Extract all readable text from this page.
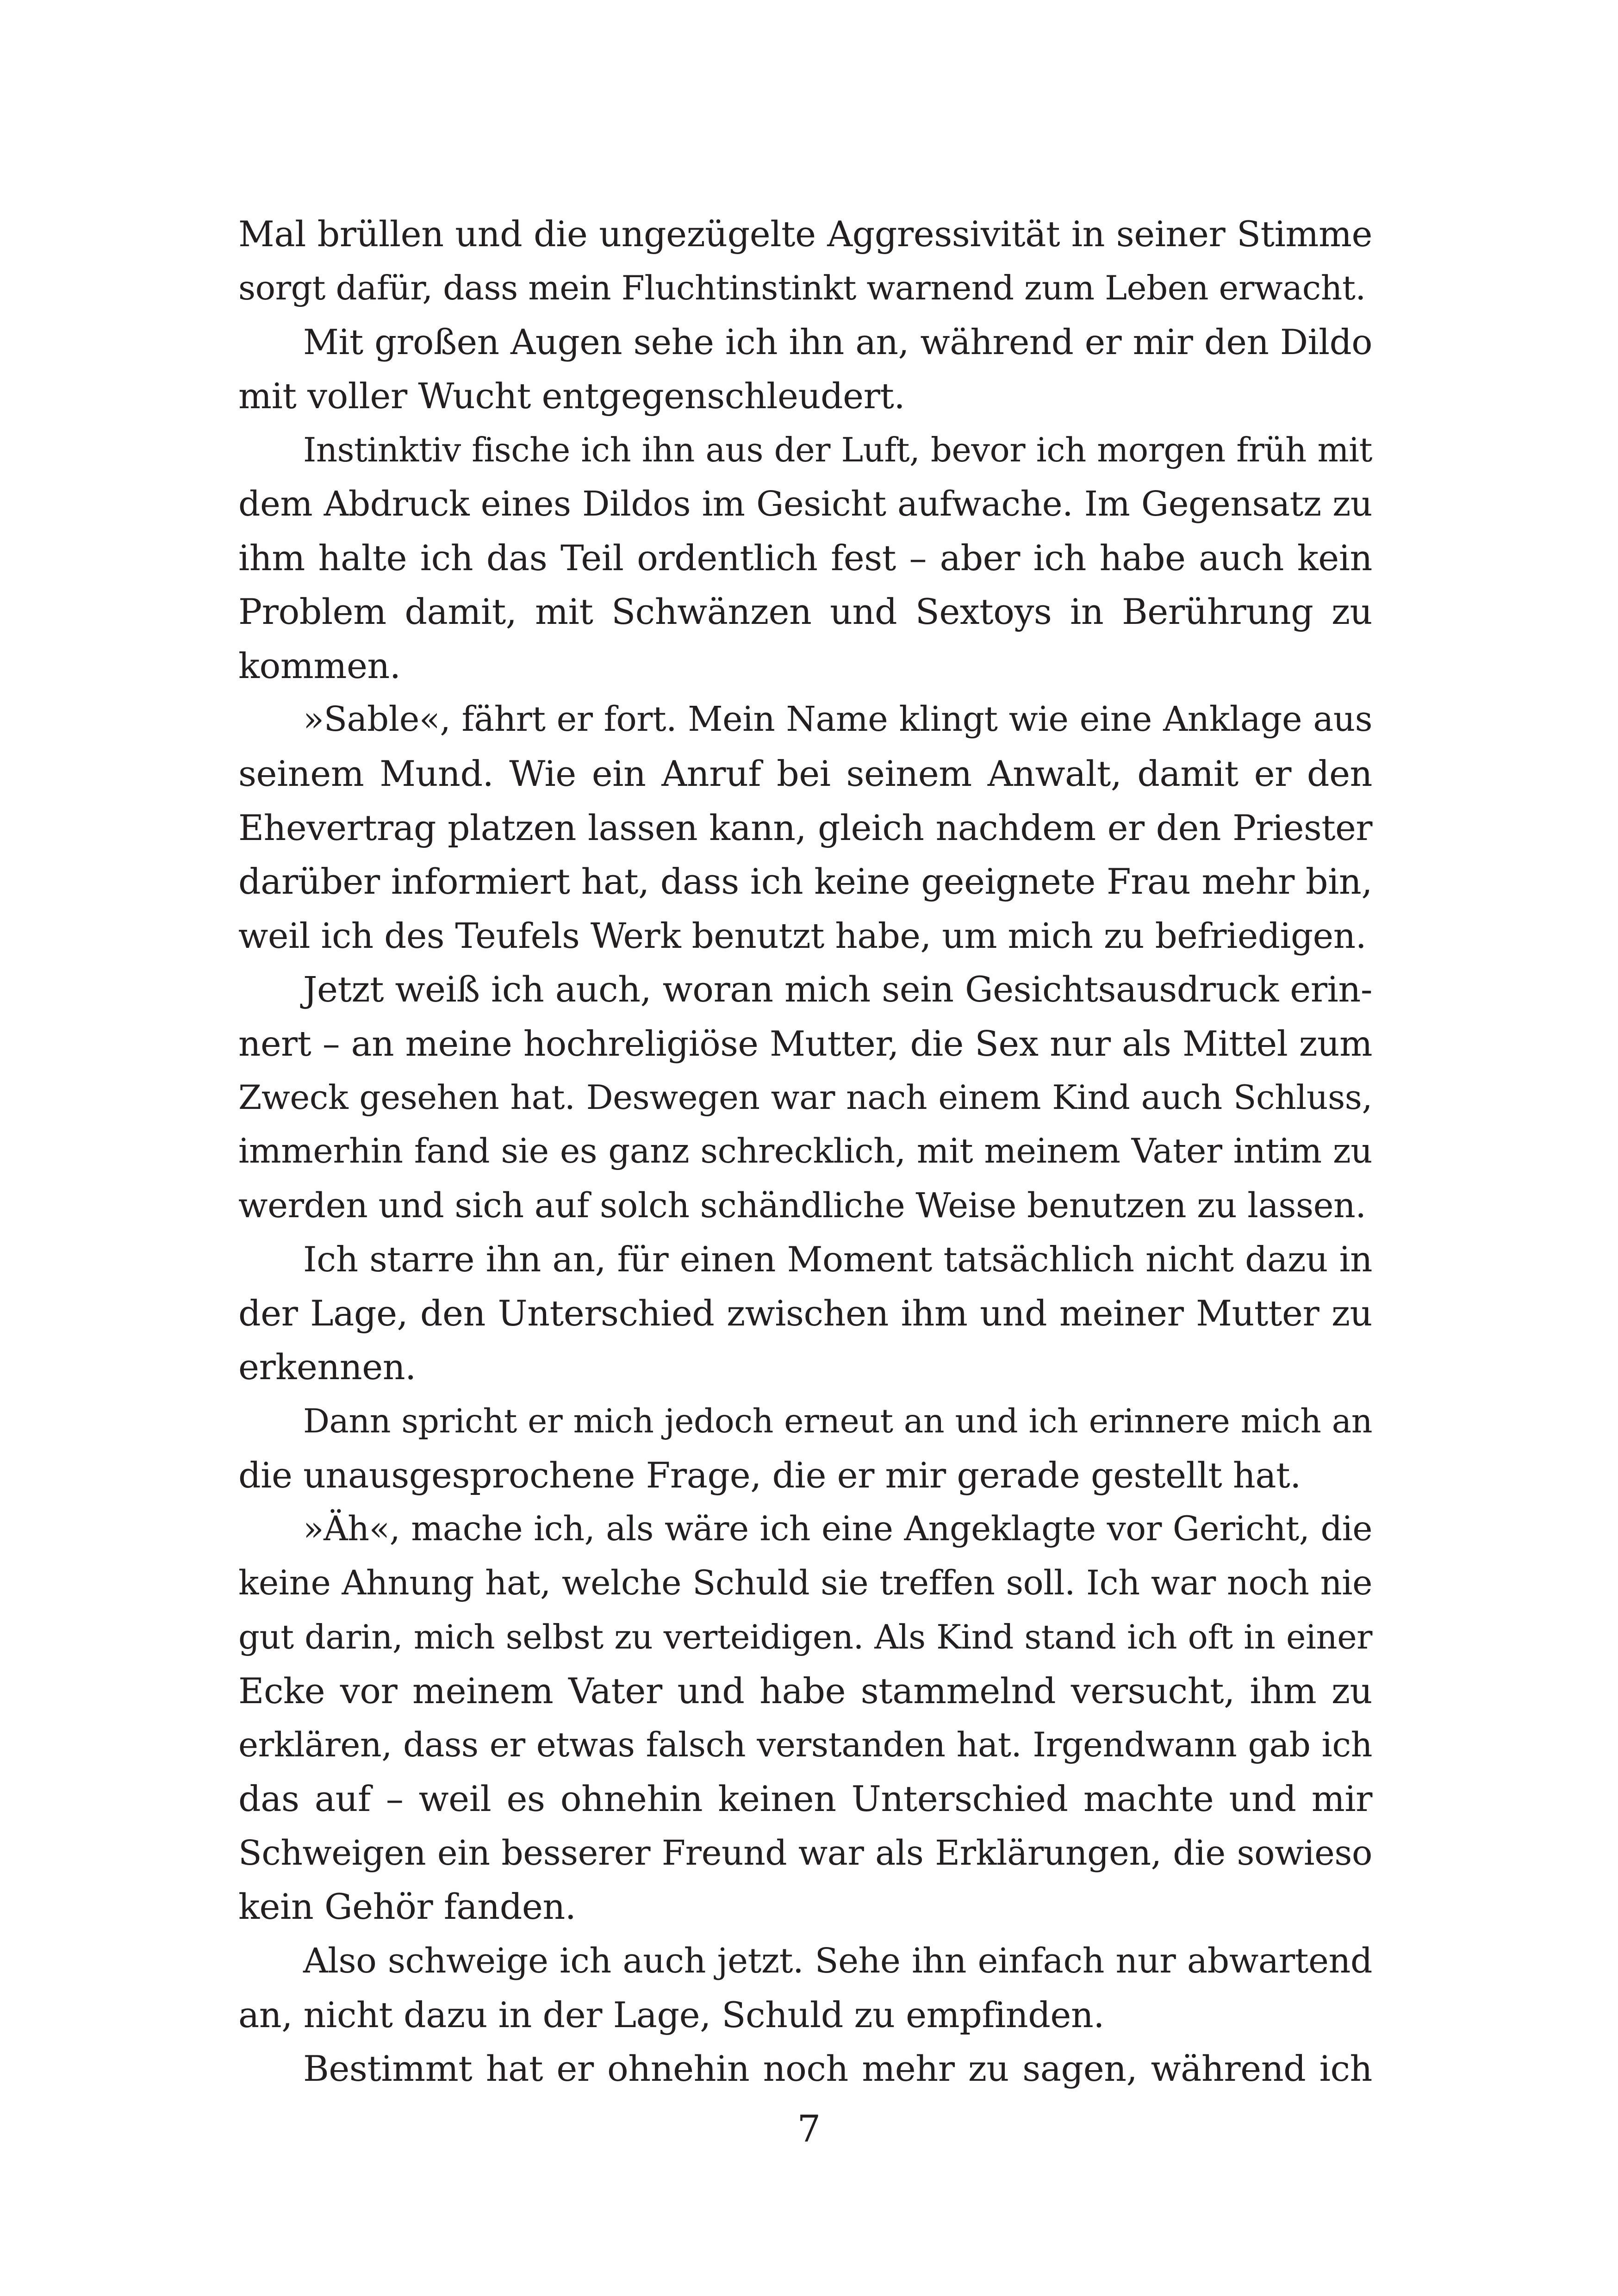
Mal brüllen und die ungezügelte Aggressivität in seiner Stimme
sorgt dafür, dass mein Fluchtinstinkt warnend zum Leben erwacht.
Mit großen Augen sehe ich ihn an, während er mir den Dildo
mit voller Wucht entgegenschleudert.
Instinktiv fische ich ihn aus der Luft, bevor ich morgen früh mit
dem Abdruck eines Dildos im Gesicht aufwache. Im Gegensatz zu
ihm halte ich das Teil ordentlich fest – aber ich habe auch kein
Problem damit, mit Schwänzen und Sextoys in Berührung zu
kommen.
»Sable«, fährt er fort. Mein Name klingt wie eine Anklage aus
seinem Mund. Wie ein Anruf bei seinem Anwalt, damit er den
Ehevertrag platzen lassen kann, gleich nachdem er den Priester
darüber informiert hat, dass ich keine geeignete Frau mehr bin,
weil ich des Teufels Werk benutzt habe, um mich zu befriedigen.
Jetzt weiß ich auch, woran mich sein Gesichtsausdruck erin-
nert – an meine hochreligiöse Mutter, die Sex nur als Mittel zum
Zweck gesehen hat. Deswegen war nach einem Kind auch Schluss,
immerhin fand sie es ganz schrecklich, mit meinem Vater intim zu
werden und sich auf solch schändliche Weise benutzen zu lassen.
Ich starre ihn an, für einen Moment tatsächlich nicht dazu in
der Lage, den Unterschied zwischen ihm und meiner Mutter zu
erkennen.
Dann spricht er mich jedoch erneut an und ich erinnere mich an
die unausgesprochene Frage, die er mir gerade gestellt hat.
»Äh«, mache ich, als wäre ich eine Angeklagte vor Gericht, die
keine Ahnung hat, welche Schuld sie treffen soll. Ich war noch nie
gut darin, mich selbst zu verteidigen. Als Kind stand ich oft in einer
Ecke vor meinem Vater und habe stammelnd versucht, ihm zu
erklären, dass er etwas falsch verstanden hat. Irgendwann gab ich
das auf – weil es ohnehin keinen Unterschied machte und mir
Schweigen ein besserer Freund war als Erklärungen, die sowieso
kein Gehör fanden.
Also schweige ich auch jetzt. Sehe ihn einfach nur abwartend
an, nicht dazu in der Lage, Schuld zu empfinden.
Bestimmt hat er ohnehin noch mehr zu sagen, während ich
7
